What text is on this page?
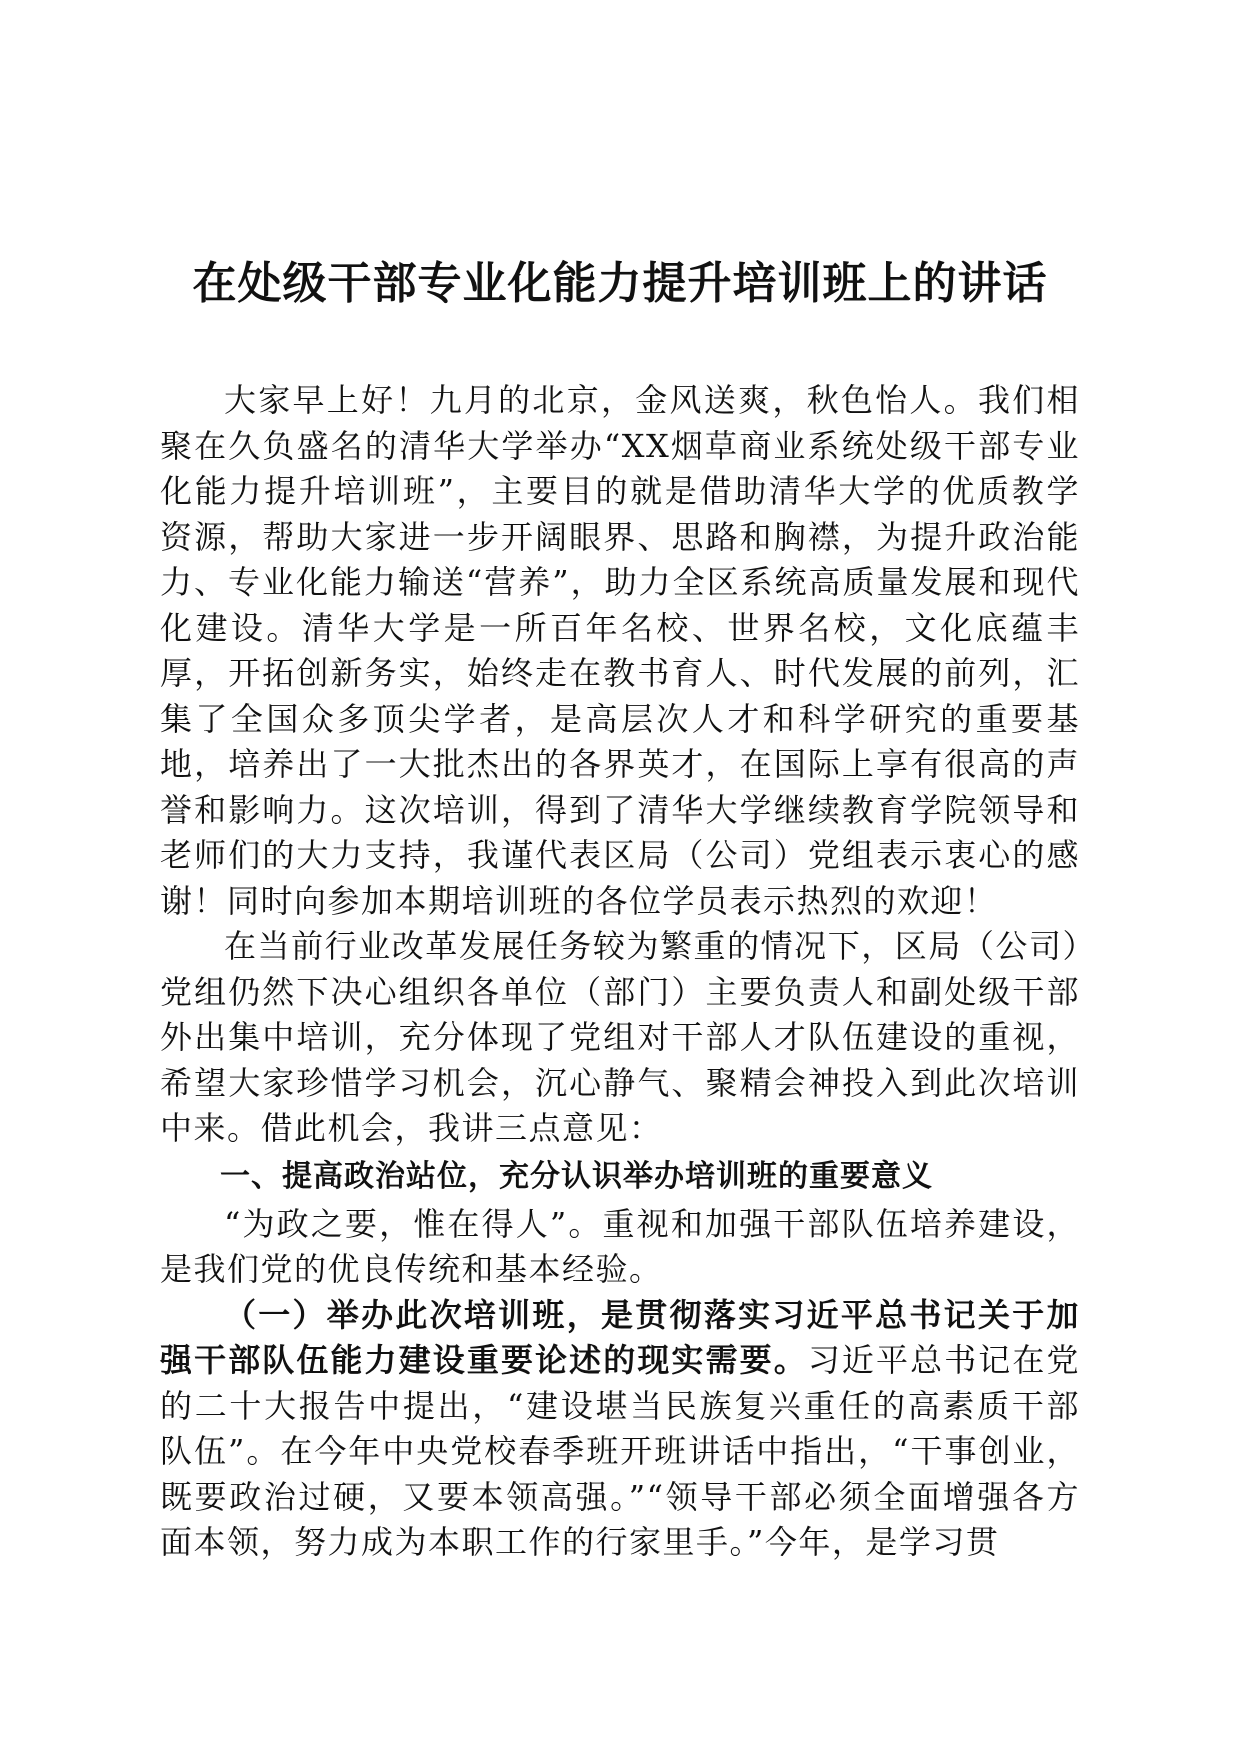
在处级干部专业化能力提升培训班上的讲话

大家早上好！九月的北京，金风送爽，秋色怡人。我们相聚在久负盛名的清华大学举办“XX烟草商业系统处级干部专业化能力提升培训班”，主要目的就是借助清华大学的优质教学资源，帮助大家进一步开阔眼界、思路和胸襟，为提升政治能力、专业化能力输送“营养”，助力全区系统高质量发展和现代化建设。清华大学是一所百年名校、世界名校，文化底蕴丰厚，开拓创新务实，始终走在教书育人、时代发展的前列，汇集了全国众多顶尖学者，是高层次人才和科学研究的重要基地，培养出了一大批杰出的各界英才，在国际上享有很高的声誉和影响力。这次培训，得到了清华大学继续教育学院领导和老师们的大力支持，我谨代表区局（公司）党组表示衷心的感谢！同时向参加本期培训班的各位学员表示热烈的欢迎！

在当前行业改革发展任务较为繁重的情况下，区局（公司）党组仍然下决心组织各单位（部门）主要负责人和副处级干部外出集中培训，充分体现了党组对干部人才队伍建设的重视，希望大家珍惜学习机会，沉心静气、聚精会神投入到此次培训中来。借此机会，我讲三点意见：

一、提高政治站位，充分认识举办培训班的重要意义

“为政之要，惟在得人”。重视和加强干部队伍培养建设，是我们党的优良传统和基本经验。

（一）举办此次培训班，是贯彻落实习近平总书记关于加强干部队伍能力建设重要论述的现实需要。习近平总书记在党的二十大报告中提出，“建设堪当民族复兴重任的高素质干部队伍”。在今年中央党校春季班开班讲话中指出，“干事创业，既要政治过硬，又要本领高强。”“领导干部必须全面增强各方面本领，努力成为本职工作的行家里手。”今年，是学习贯
